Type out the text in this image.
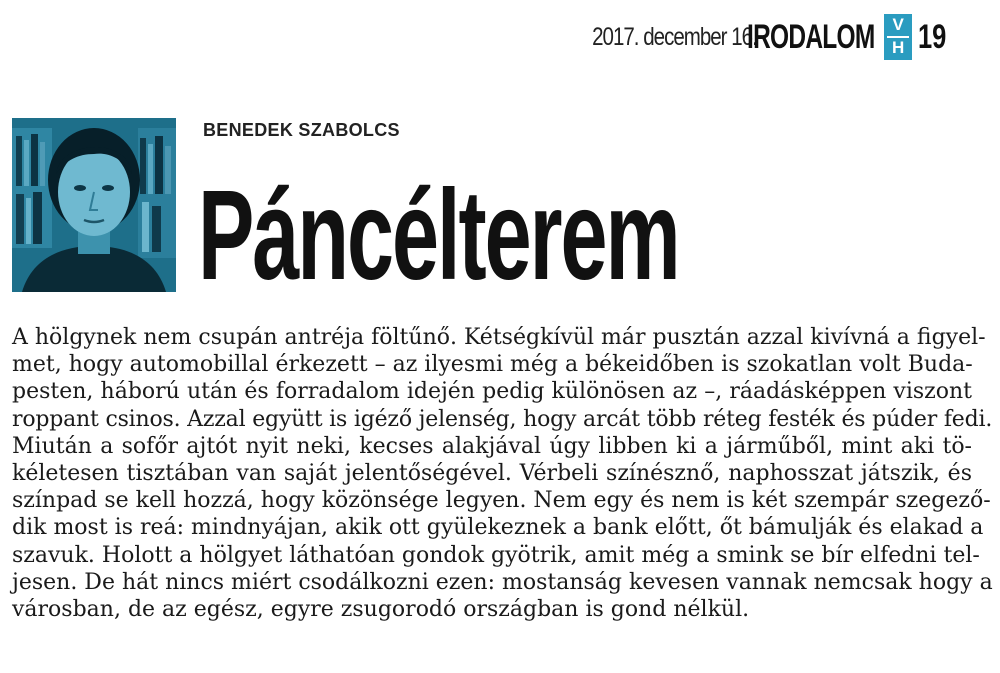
2017. december 16.
IRODALOM	V
H 19
BENEDEK SZABOLCS
Páncélterem
A hölgynek nem csupán antréja föltűnő. Kétségkívül már pusztán azzal kivívná a figyel-
met, hogy automobillal érkezett – az ilyesmi még a békeidőben is szokatlan volt Buda-
pesten, háború után és forradalom idején pedig különösen az –, ráadásképpen viszont
roppant csinos. Azzal együtt is igéző jelenség, hogy arcát több réteg festék és púder fedi.
Miután a sofőr ajtót nyit neki, kecses alakjával úgy libben ki a járműből, mint aki tö-
kéletesen tisztában van saját jelentőségével. Vérbeli színésznő, naphosszat játszik, és
színpad se kell hozzá, hogy közönsége legyen. Nem egy és nem is két szempár szegező-
dik most is reá: mindnyájan, akik ott gyülekeznek a bank előtt, őt bámulják és elakad a
szavuk. Holott a hölgyet láthatóan gondok gyötrik, amit még a smink se bír elfedni tel-
jesen. De hát nincs miért csodálkozni ezen: mostanság kevesen vannak nemcsak hogy a
városban, de az egész, egyre zsugorodó országban is gond nélkül.
